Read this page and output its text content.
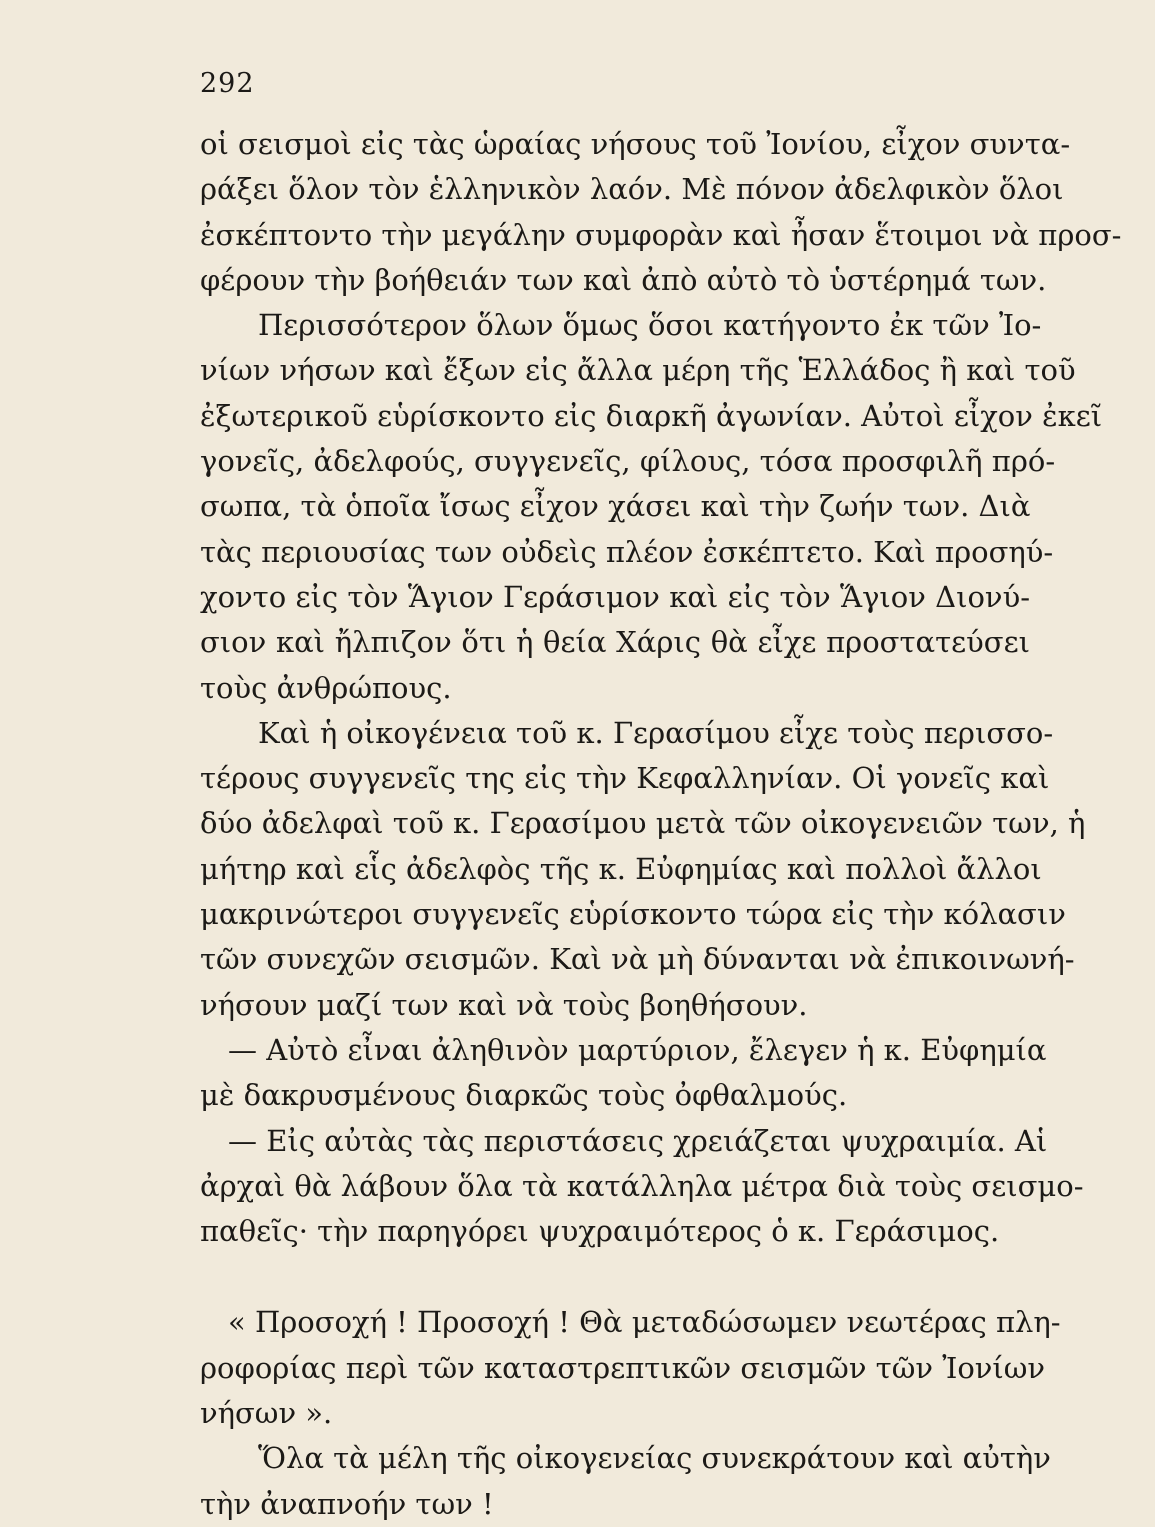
292
οἱ σεισμοὶ εἰς τὰς ὡραίας νήσους τοῦ Ἰονίου, εἶχον συντα-
ράξει ὅλον τὸν ἑλληνικὸν λαόν. Μὲ πόνον ἀδελφικὸν ὅλοι
ἐσκέπτοντο τὴν μεγάλην συμφορὰν καὶ ἦσαν ἕτοιμοι νὰ προσ-
φέρουν τὴν βοήθειάν των καὶ ἀπὸ αὐτὸ τὸ ὑστέρημά των.
Περισσότερον ὅλων ὅμως ὅσοι κατήγοντο ἐκ τῶν Ἰο-
νίων νήσων καὶ ἔξων εἰς ἄλλα μέρη τῆς Ἑλλάδος ἢ καὶ τοῦ
ἐξωτερικοῦ εὑρίσκοντο εἰς διαρκῆ ἀγωνίαν. Αὐτοὶ εἶχον ἐκεῖ
γονεῖς, ἀδελφούς, συγγενεῖς, φίλους, τόσα προσφιλῆ πρό-
σωπα, τὰ ὁποῖα ἴσως εἶχον χάσει καὶ τὴν ζωήν των. Διὰ
τὰς περιουσίας των οὐδεὶς πλέον ἐσκέπτετο. Καὶ προσηύ-
χοντο εἰς τὸν Ἅγιον Γεράσιμον καὶ εἰς τὸν Ἅγιον Διονύ-
σιον καὶ ἤλπιζον ὅτι ἡ θεία Χάρις θὰ εἶχε προστατεύσει
τοὺς ἀνθρώπους.
Καὶ ἡ οἰκογένεια τοῦ κ. Γερασίμου εἶχε τοὺς περισσο-
τέρους συγγενεῖς της εἰς τὴν Κεφαλληνίαν. Οἱ γονεῖς καὶ
δύο ἀδελφαὶ τοῦ κ. Γερασίμου μετὰ τῶν οἰκογενειῶν των, ἡ
μήτηρ καὶ εἷς ἀδελφὸς τῆς κ. Εὐφημίας καὶ πολλοὶ ἄλλοι
μακρινώτεροι συγγενεῖς εὑρίσκοντο τώρα εἰς τὴν κόλασιν
τῶν συνεχῶν σεισμῶν. Καὶ νὰ μὴ δύνανται νὰ ἐπικοινωνή-
νήσουν μαζί των καὶ νὰ τοὺς βοηθήσουν.
— Αὐτὸ εἶναι ἀληθινὸν μαρτύριον, ἔλεγεν ἡ κ. Εὐφημία
μὲ δακρυσμένους διαρκῶς τοὺς ὀφθαλμούς.
— Εἰς αὐτὰς τὰς περιστάσεις χρειάζεται ψυχραιμία. Αἱ
ἀρχαὶ θὰ λάβουν ὅλα τὰ κατάλληλα μέτρα διὰ τοὺς σεισμο-
παθεῖς· τὴν παρηγόρει ψυχραιμότερος ὁ κ. Γεράσιμος.
« Προσοχή ! Προσοχή ! Θὰ μεταδώσωμεν νεωτέρας πλη-
ροφορίας περὶ τῶν καταστρεπτικῶν σεισμῶν τῶν Ἰονίων
νήσων ».
Ὅλα τὰ μέλη τῆς οἰκογενείας συνεκράτουν καὶ αὐτὴν
τὴν ἀναπνοήν των !
